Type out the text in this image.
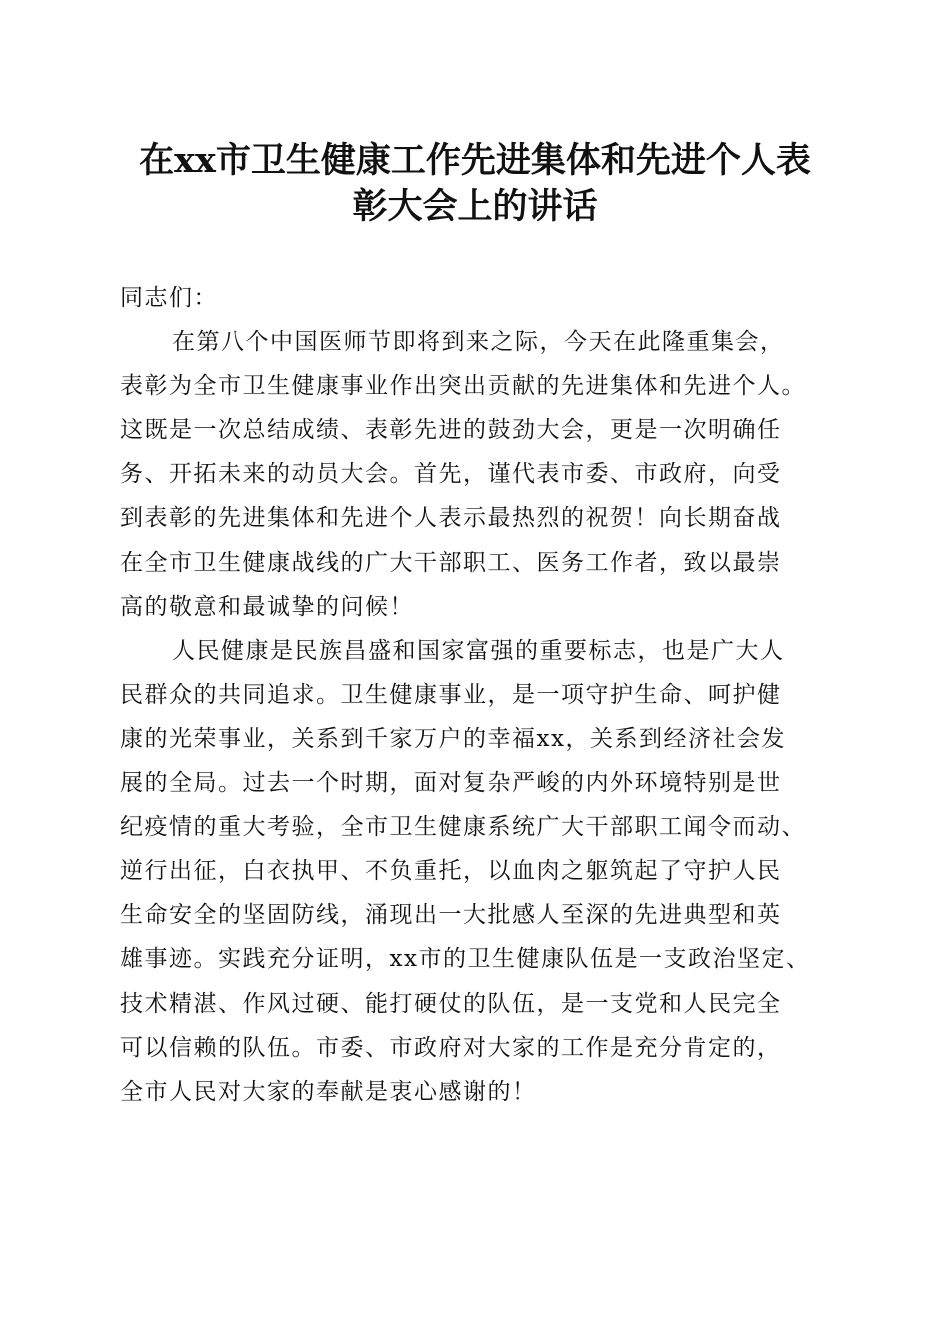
在xx市卫生健康工作先进集体和先进个人表
彰大会上的讲话
同志们：
在第八个中国医师节即将到来之际，今天在此隆重集会，
表彰为全市卫生健康事业作出突出贡献的先进集体和先进个人。
这既是一次总结成绩、表彰先进的鼓劲大会，更是一次明确任
务、开拓未来的动员大会。首先，谨代表市委、市政府，向受
到表彰的先进集体和先进个人表示最热烈的祝贺！向长期奋战
在全市卫生健康战线的广大干部职工、医务工作者，致以最崇
高的敬意和最诚挚的问候！
人民健康是民族昌盛和国家富强的重要标志，也是广大人
民群众的共同追求。卫生健康事业，是一项守护生命、呵护健
康的光荣事业，关系到千家万户的幸福xx，关系到经济社会发
展的全局。过去一个时期，面对复杂严峻的内外环境特别是世
纪疫情的重大考验，全市卫生健康系统广大干部职工闻令而动、
逆行出征，白衣执甲、不负重托，以血肉之躯筑起了守护人民
生命安全的坚固防线，涌现出一大批感人至深的先进典型和英
雄事迹。实践充分证明，xx市的卫生健康队伍是一支政治坚定、
技术精湛、作风过硬、能打硬仗的队伍，是一支党和人民完全
可以信赖的队伍。市委、市政府对大家的工作是充分肯定的，
全市人民对大家的奉献是衷心感谢的！
